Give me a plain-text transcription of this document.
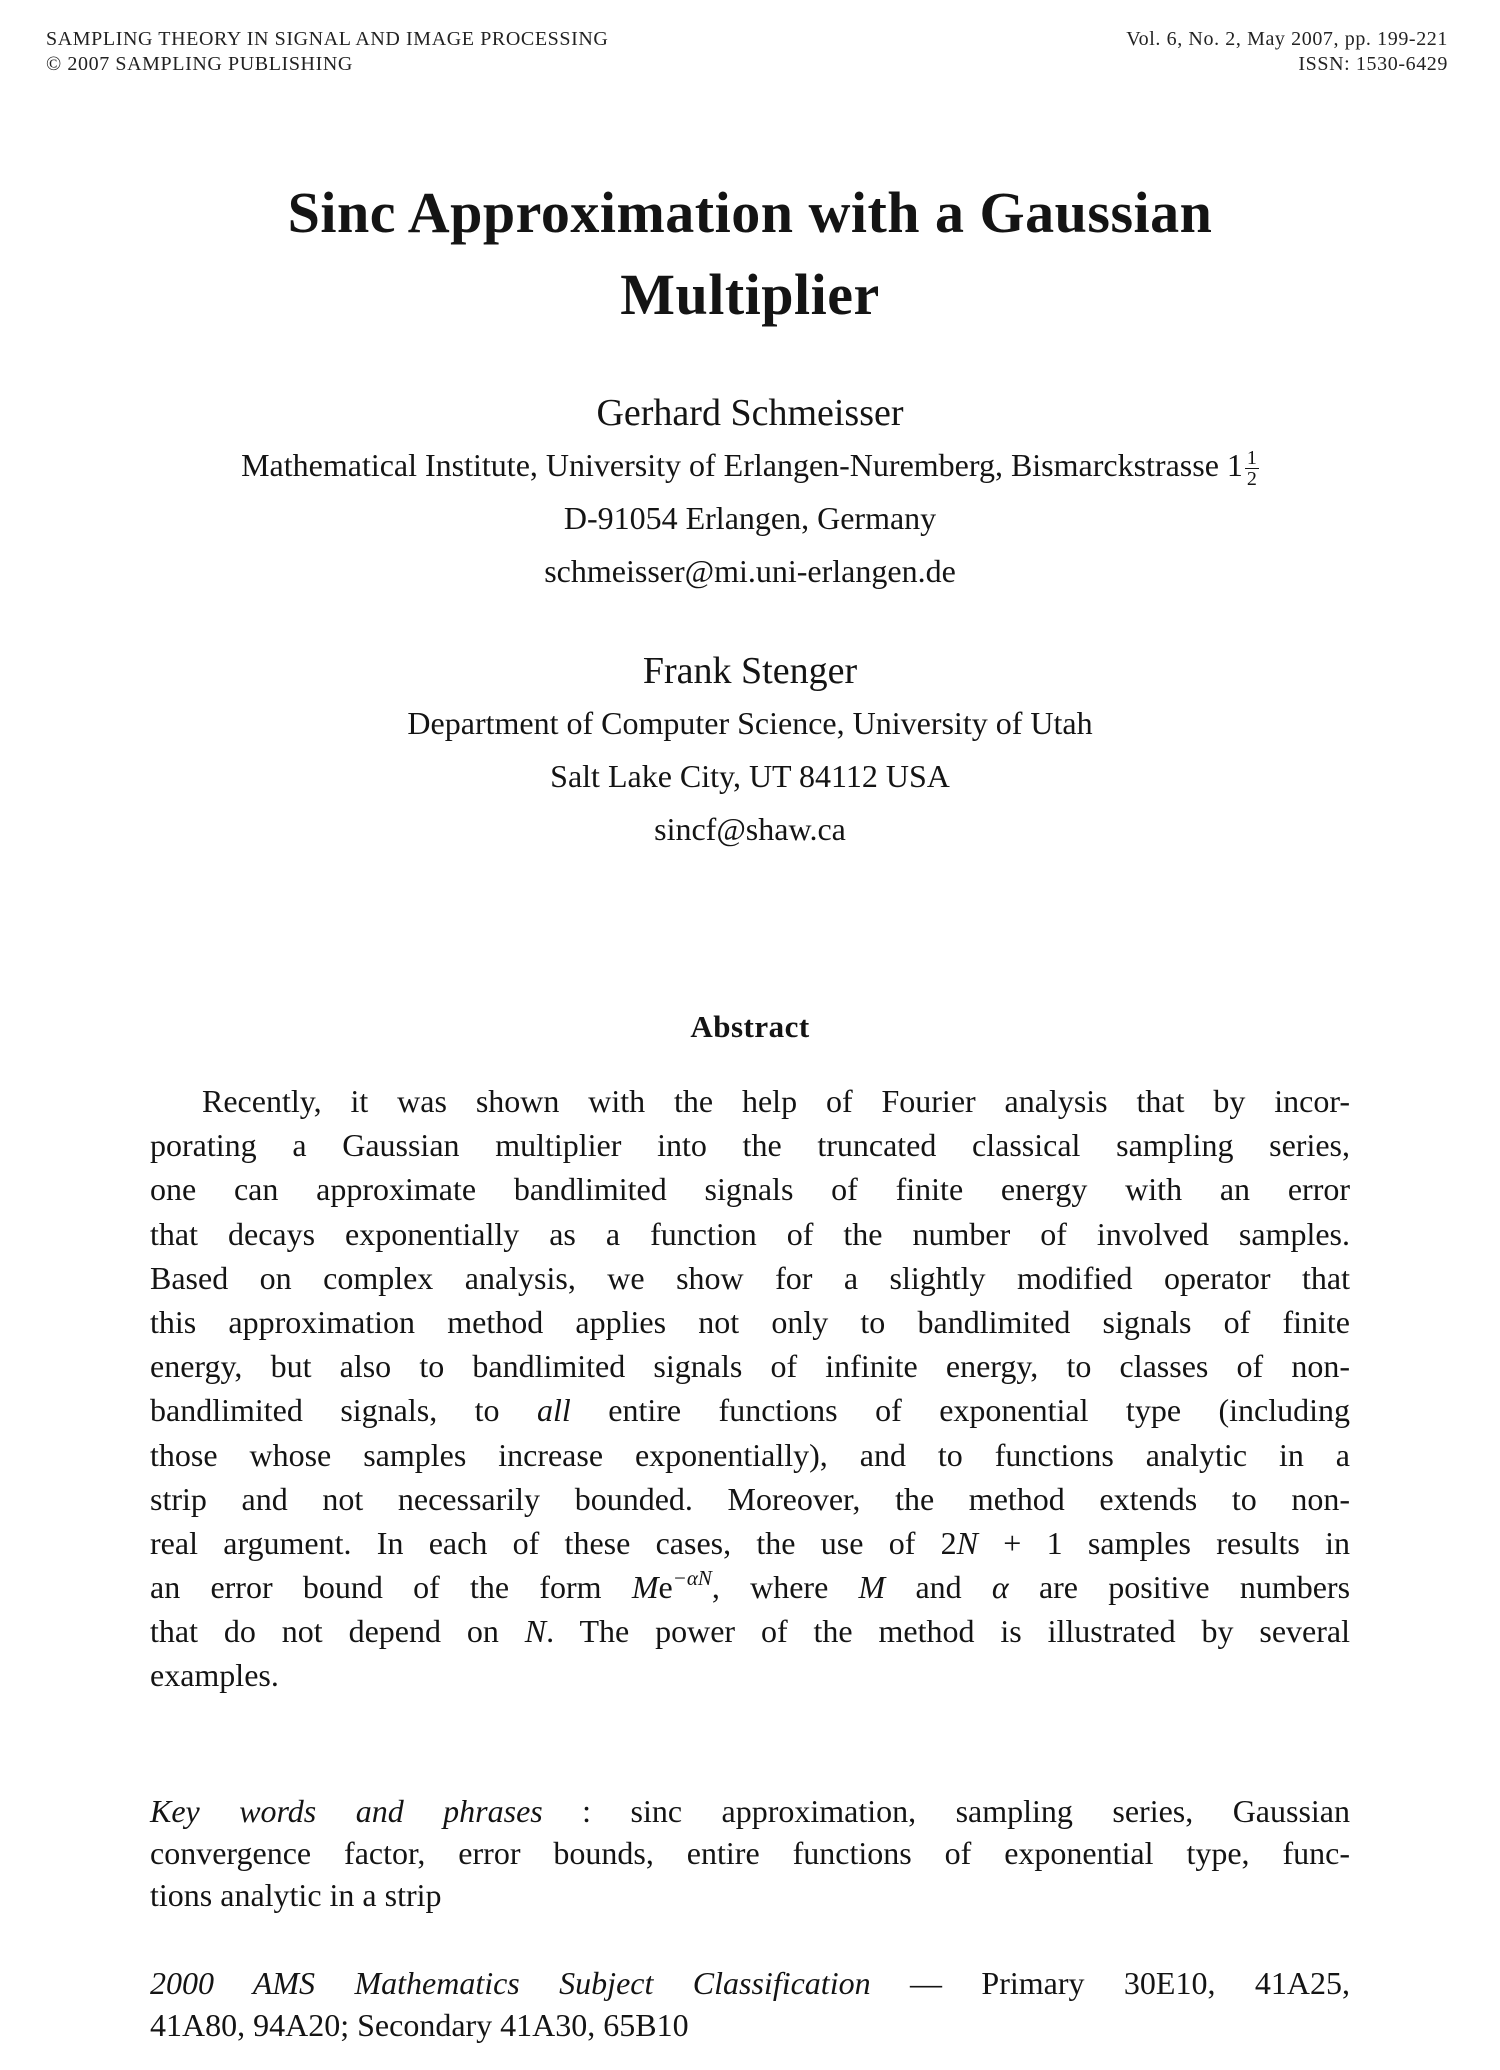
SAMPLING THEORY IN SIGNAL AND IMAGE PROCESSING
© 2007 SAMPLING PUBLISHING
Vol. 6, No. 2, May 2007, pp. 199-221
ISSN: 1530-6429
Sinc Approximation with a Gaussian
Multiplier
Gerhard Schmeisser
Mathematical Institute, University of Erlangen-Nuremberg, Bismarckstrasse $1 \frac{1}{2}$
D-91054 Erlangen, Germany
schmeisser@mi.uni-erlangen.de
Frank Stenger
Department of Computer Science, University of Utah
Salt Lake City, UT 84112 USA
sincf@shaw.ca
Abstract
Recently, it was shown with the help of Fourier analysis that by incor-
porating a Gaussian multiplier into the truncated classical sampling series,
one can approximate bandlimited signals of finite energy with an error
that decays exponentially as a function of the number of involved samples.
Based on complex analysis, we show for a slightly modified operator that
this approximation method applies not only to bandlimited signals of finite
energy, but also to bandlimited signals of infinite energy, to classes of non-
bandlimited signals, to all entire functions of exponential type (including
those whose samples increase exponentially), and to functions analytic in a
strip and not necessarily bounded. Moreover, the method extends to non-
real argument. In each of these cases, the use of 2N + 1 samples results in
an error bound of the form $Me^{-\alpha N}$, where M and α are positive numbers
that do not depend on N. The power of the method is illustrated by several
examples.
Key words and phrases : sinc approximation, sampling series, Gaussian
convergence factor, error bounds, entire functions of exponential type, func-
tions analytic in a strip
2000 AMS Mathematics Subject Classification — Primary 30E10, 41A25,
41A80, 94A20; Secondary 41A30, 65B10
